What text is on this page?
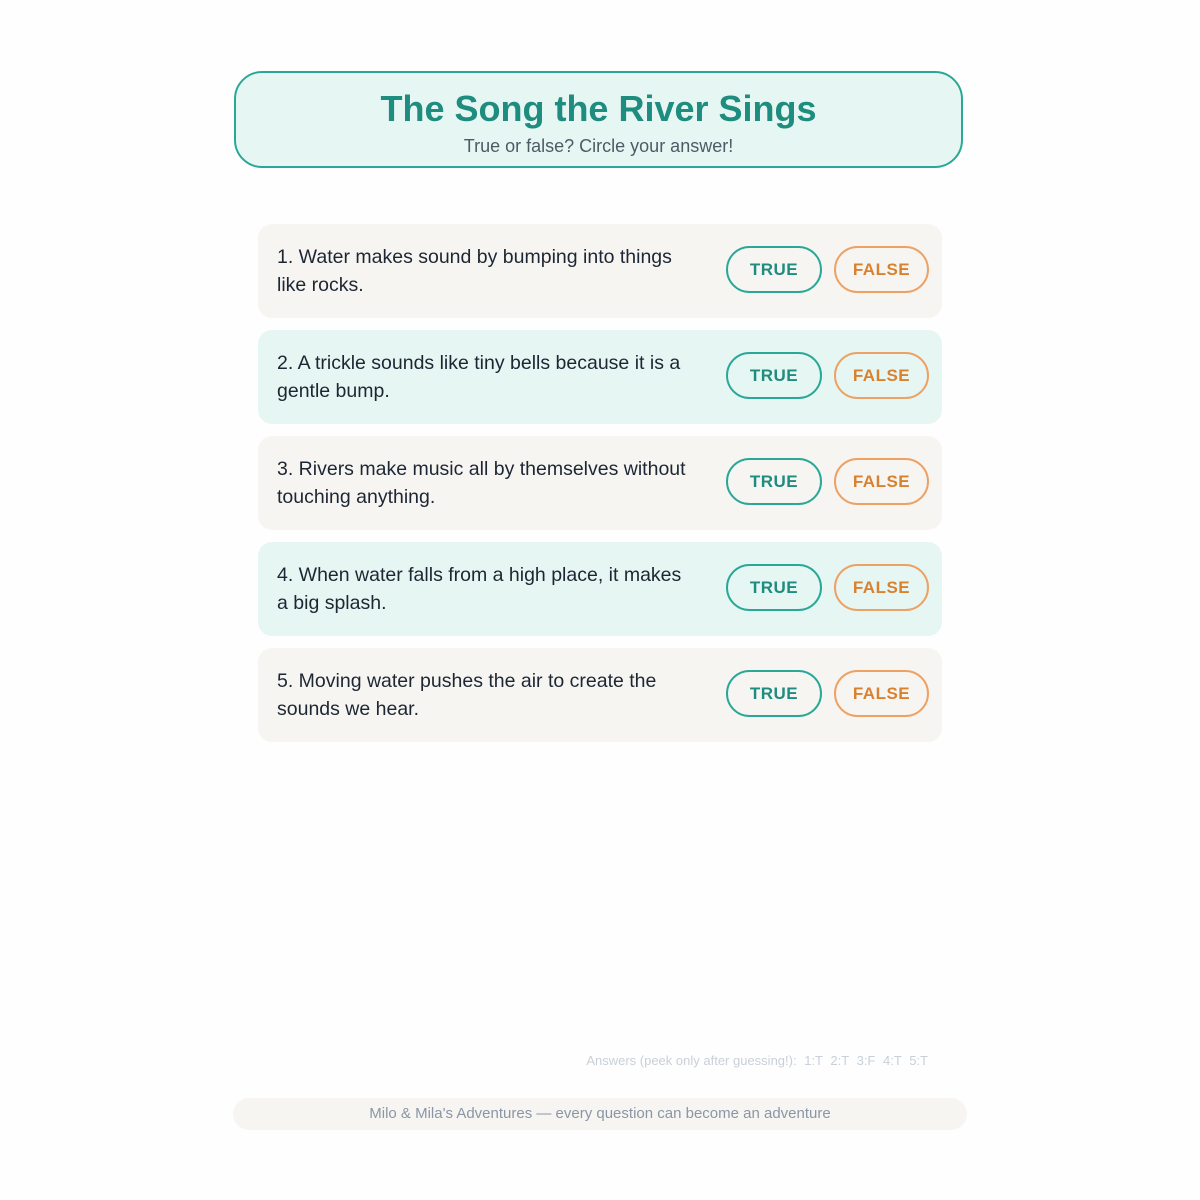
The Song the River Sings
True or false? Circle your answer!
1. Water makes sound by bumping into things like rocks.
TRUE	FALSE
2. A trickle sounds like tiny bells because it is a gentle bump.
TRUE	FALSE
3. Rivers make music all by themselves without touching anything.
TRUE	FALSE
4. When water falls from a high place, it makes a big splash.
TRUE	FALSE
5. Moving water pushes the air to create the sounds we hear.
TRUE	FALSE
Answers (peek only after guessing!): 1:T 2:T 3:F 4:T 5:T
Milo & Mila's Adventures — every question can become an adventure
